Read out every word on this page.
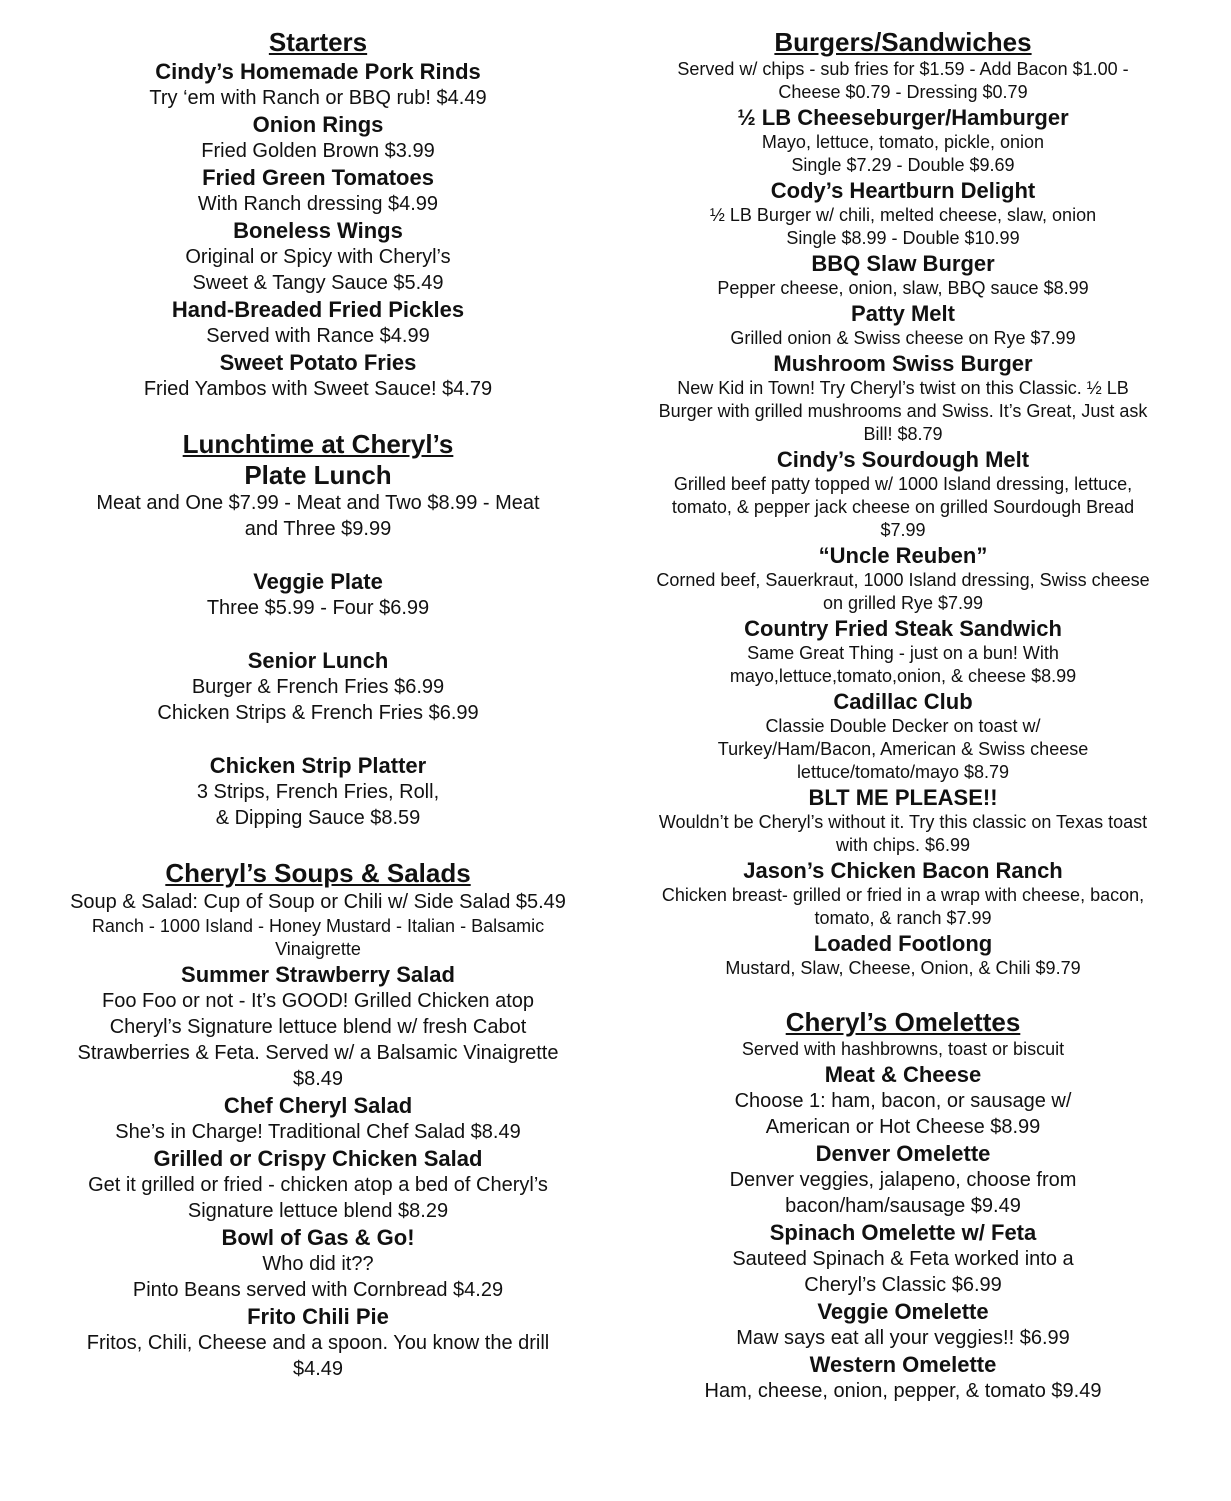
Starters
Cindy’s Homemade Pork Rinds
Try ‘em with Ranch or BBQ rub! $4.49
Onion Rings
Fried Golden Brown $3.99
Fried Green Tomatoes
With Ranch dressing $4.99
Boneless Wings
Original or Spicy with Cheryl’s
Sweet & Tangy Sauce $5.49
Hand-Breaded Fried Pickles
Served with Rance $4.99
Sweet Potato Fries
Fried Yambos with Sweet Sauce! $4.79
Lunchtime at Cheryl’s
Plate Lunch
Meat and One $7.99 - Meat and Two $8.99 - Meat
and Three $9.99
Veggie Plate
Three $5.99 - Four $6.99
Senior Lunch
Burger & French Fries $6.99
Chicken Strips & French Fries $6.99
Chicken Strip Platter
3 Strips, French Fries, Roll,
& Dipping Sauce $8.59
Cheryl’s Soups & Salads
Soup & Salad: Cup of Soup or Chili w/ Side Salad $5.49
Ranch - 1000 Island - Honey Mustard - Italian - Balsamic
Vinaigrette
Summer Strawberry Salad
Foo Foo or not - It’s GOOD! Grilled Chicken atop
Cheryl’s Signature lettuce blend w/ fresh Cabot
Strawberries & Feta. Served w/ a Balsamic Vinaigrette
$8.49
Chef Cheryl Salad
She’s in Charge! Traditional Chef Salad $8.49
Grilled or Crispy Chicken Salad
Get it grilled or fried - chicken atop a bed of Cheryl’s
Signature lettuce blend $8.29
Bowl of Gas & Go!
Who did it??
Pinto Beans served with Cornbread $4.29
Frito Chili Pie
Fritos, Chili, Cheese and a spoon. You know the drill
$4.49
Burgers/Sandwiches
Served w/ chips - sub fries for $1.59 - Add Bacon $1.00 -
Cheese $0.79 - Dressing $0.79
½ LB Cheeseburger/Hamburger
Mayo, lettuce, tomato, pickle, onion
Single $7.29 - Double $9.69
Cody’s Heartburn Delight
½ LB Burger w/ chili, melted cheese, slaw, onion
Single $8.99 - Double $10.99
BBQ Slaw Burger
Pepper cheese, onion, slaw, BBQ sauce $8.99
Patty Melt
Grilled onion & Swiss cheese on Rye $7.99
Mushroom Swiss Burger
New Kid in Town! Try Cheryl’s twist on this Classic. ½ LB
Burger with grilled mushrooms and Swiss. It’s Great, Just ask
Bill! $8.79
Cindy’s Sourdough Melt
Grilled beef patty topped w/ 1000 Island dressing, lettuce,
tomato, & pepper jack cheese on grilled Sourdough Bread
$7.99
“Uncle Reuben”
Corned beef, Sauerkraut, 1000 Island dressing, Swiss cheese
on grilled Rye $7.99
Country Fried Steak Sandwich
Same Great Thing - just on a bun! With
mayo,lettuce,tomato,onion, & cheese $8.99
Cadillac Club
Classie Double Decker on toast w/
Turkey/Ham/Bacon, American & Swiss cheese
lettuce/tomato/mayo $8.79
BLT ME PLEASE!!
Wouldn’t be Cheryl’s without it. Try this classic on Texas toast
with chips. $6.99
Jason’s Chicken Bacon Ranch
Chicken breast- grilled or fried in a wrap with cheese, bacon,
tomato, & ranch $7.99
Loaded Footlong
Mustard, Slaw, Cheese, Onion, & Chili $9.79
Cheryl’s Omelettes
Served with hashbrowns, toast or biscuit
Meat & Cheese
Choose 1: ham, bacon, or sausage w/
American or Hot Cheese $8.99
Denver Omelette
Denver veggies, jalapeno, choose from
bacon/ham/sausage $9.49
Spinach Omelette w/ Feta
Sauteed Spinach & Feta worked into a
Cheryl’s Classic $6.99
Veggie Omelette
Maw says eat all your veggies!! $6.99
Western Omelette
Ham, cheese, onion, pepper, & tomato $9.49
